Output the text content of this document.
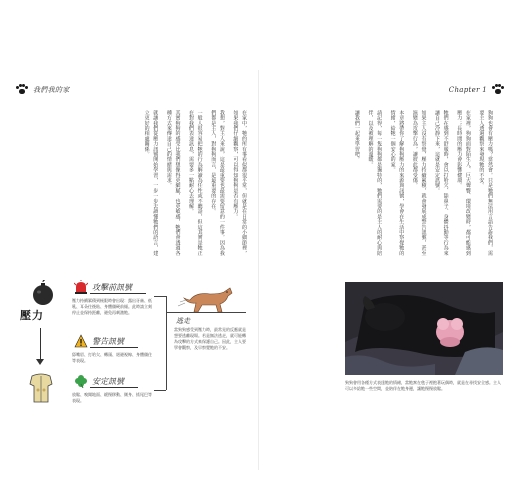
我們我的家	Chapter 1

在家中，牠的所有事看似都很平常，但就是在日常的小細節裡，如果我們仔細觀察，可以得知狗狗是否有壓力。

我想，對主人來說，這是最重要也最需要留意的一件事。因為我們都是主人，對狗狗而言，是最重要的存在。

一般人很容易把牠的行為解讀為任性或不聽話，但這其實是牠正在對我們表達訊息，需要多一點耐心去理解。

其實狗狗的感受比我們想像得更細膩，也更敏感，牠們會透過各種方式來傳達自己的情緒與需求。

就讓我們從壓力訊號開始學習，一步一步去讀懂牠們的語言，建立更好的相處關係。	狗狗也會有壓力嗎？當然會。只是牠們無法用言語告訴我們，需要主人透過觀察來發現牠的不安。

在家裡，狗狗面對陌生人、巨大聲響、環境改變時，都可能感到壓力；長時間的壓力會影響健康。

牠們在感到不舒服時，會以打哈欠、舔鼻子、身體抖動等行為來讓自己冷靜下來，這就是安定訊號。

如果主人沒有察覺，壓力持續累積，就會發展成警告訊號，甚至演變為攻擊行為，讓彼此都受傷。

本章將帶你了解狗狗壓力的來源與訊號，學會在生活中察覺牠的情緒，給牠一個安心的家。

請記得，每一隻狗狗都是獨特的，牠們需要的是主人的耐心與陪伴，以及被理解的溫暖。

讓我們一起來學習吧。

壓力
攻擊前訊號
壓力持續累積到極限時會出現：露出牙齒、低吼、耳朵往後貼、身體僵硬前傾。此時請立刻停止並保持距離，避免再刺激牠。
警告訊號
舔嘴唇、打哈欠、轉頭、迴避視線、身體僵住等表現。
安定訊號
放鬆、嗅聞地面、緩慢移動、側身、搖尾巴等表現。
逃走
當狗狗感受到壓力時，最常見的反應就是想要逃離現場。若是無法逃走，就可能轉為攻擊的方式來保護自己。因此，主人要學會觀察，及早察覺牠的不安。
狗狗會用各種方式表達牠的情緒，當牠窩在毯子裡抱著玩偶時，就是在尋找安全感。主人可以多給牠一些空間，並陪伴在牠身邊，讓牠慢慢放鬆。
